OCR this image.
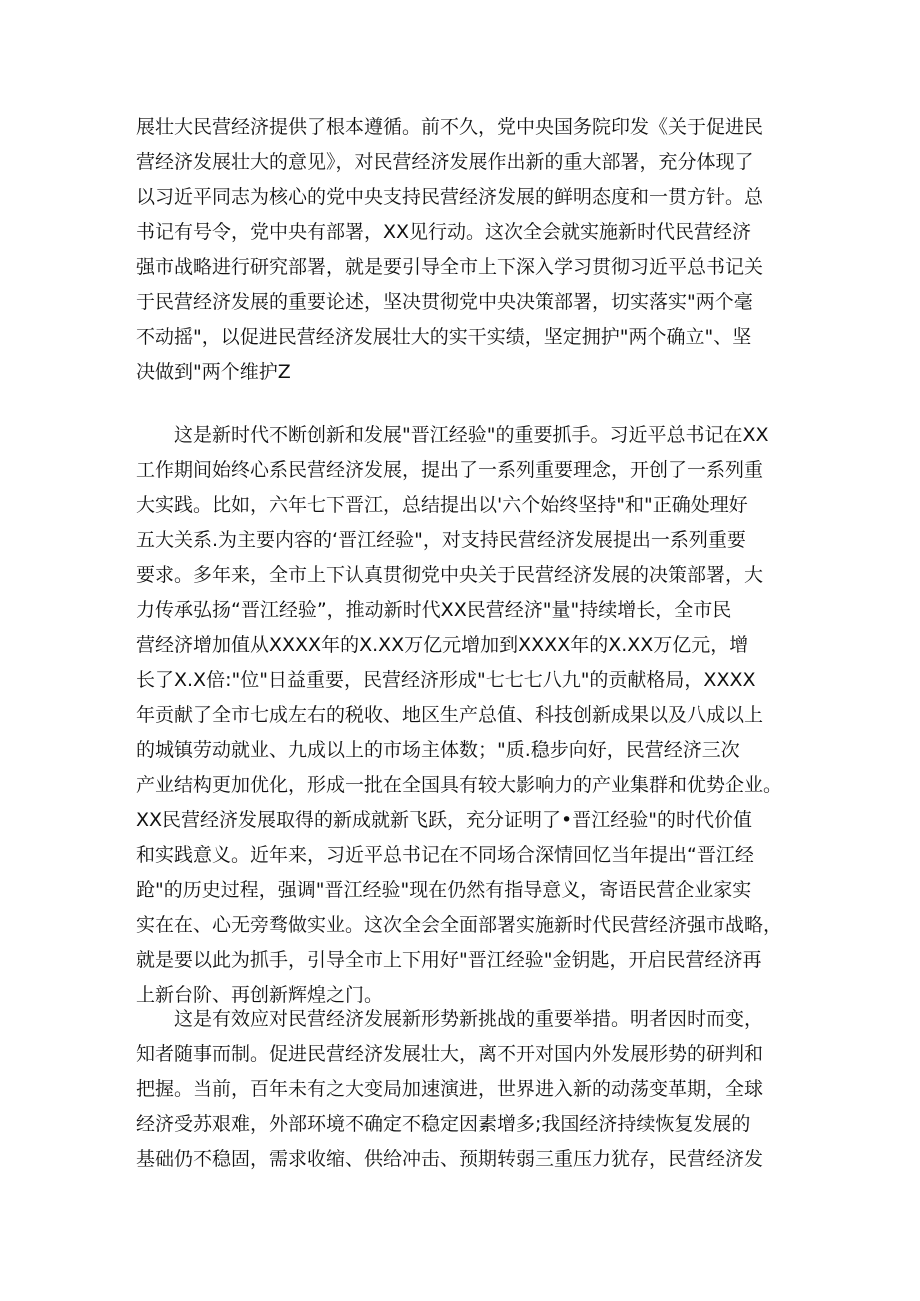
展壮大民营经济提供了根本遵循。前不久，党中央国务院印发《关于促进民
营经济发展壮大的意见》，对民营经济发展作出新的重大部署，充分体现了
以习近平同志为核心的党中央支持民营经济发展的鲜明态度和一贯方针。总
书记有号令，党中央有部署，XX见行动。这次全会就实施新时代民营经济
强市战略进行研究部署，就是要引导全市上下深入学习贯彻习近平总书记关
于民营经济发展的重要论述，坚决贯彻党中央决策部署，切实落实"两个毫
不动摇"，以促进民营经济发展壮大的实干实绩，坚定拥护"两个确立"、坚
决做到"两个维护Z
这是新时代不断创新和发展"晋江经验"的重要抓手。习近平总书记在XX
工作期间始终心系民营经济发展，提出了一系列重要理念，开创了一系列重
大实践。比如，六年七下晋江，总结提出以'六个始终坚持"和"正确处理好
五大关系.为主要内容的‘晋江经验"，对支持民营经济发展提出一系列重要
要求。多年来，全市上下认真贯彻党中央关于民营经济发展的决策部署，大
力传承弘扬“晋江经验”，推动新时代XX民营经济"量"持续增长，全市民
营经济增加值从XXXX年的X.XX万亿元增加到XXXX年的X.XX万亿元，增
长了X.X倍:"位"日益重要，民营经济形成"七七七八九"的贡献格局，XXXX
年贡献了全市七成左右的税收、地区生产总值、科技创新成果以及八成以上
的城镇劳动就业、九成以上的市场主体数；"质.稳步向好，民营经济三次
产业结构更加优化，形成一批在全国具有较大影响力的产业集群和优势企业。
XX民营经济发展取得的新成就新飞跃，充分证明了•晋江经验"的时代价值
和实践意义。近年来，习近平总书记在不同场合深情回忆当年提出“晋江经
跄"的历史过程，强调"晋江经验"现在仍然有指导意义，寄语民营企业家实
实在在、心无旁骛做实业。这次全会全面部署实施新时代民营经济强市战略，
就是要以此为抓手，引导全市上下用好"晋江经验"金钥匙，开启民营经济再
上新台阶、再创新辉煌之门。
这是有效应对民营经济发展新形势新挑战的重要举措。明者因时而变，
知者随事而制。促进民营经济发展壮大，离不开对国内外发展形势的研判和
把握。当前，百年未有之大变局加速演进，世界进入新的动荡变革期，全球
经济受苏艰难，外部环境不确定不稳定因素增多;我国经济持续恢复发展的
基础仍不稳固，需求收缩、供给冲击、预期转弱三重压力犹存，民营经济发
